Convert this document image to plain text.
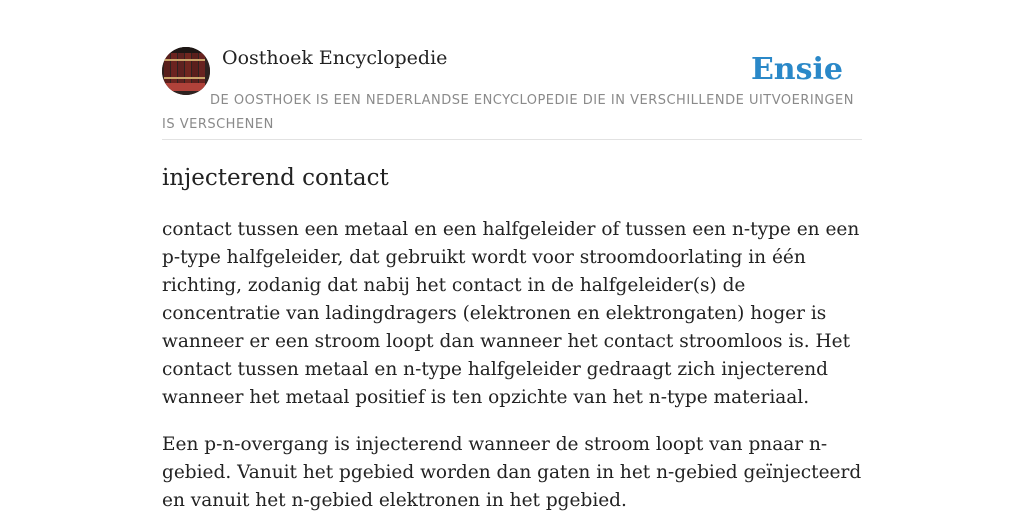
Oosthoek Encyclopedie	Ensie

DE OOSTHOEK IS EEN NEDERLANDSE ENCYCLOPEDIE DIE IN VERSCHILLENDE UITVOERINGEN IS VERSCHENEN

injecterend contact

contact tussen een metaal en een halfgeleider of tussen een n-type en een p-type halfgeleider, dat gebruikt wordt voor stroomdoorlating in één richting, zodanig dat nabij het contact in de halfgeleider(s) de concentratie van ladingdragers (elektronen en elektrongaten) hoger is wanneer er een stroom loopt dan wanneer het contact stroomloos is. Het contact tussen metaal en n-type halfgeleider gedraagt zich injecterend wanneer het metaal positief is ten opzichte van het n-type materiaal.

Een p-n-overgang is injecterend wanneer de stroom loopt van pnaar n-gebied. Vanuit het pgebied worden dan gaten in het n-gebied geïnjecteerd en vanuit het n-gebied elektronen in het pgebied.
